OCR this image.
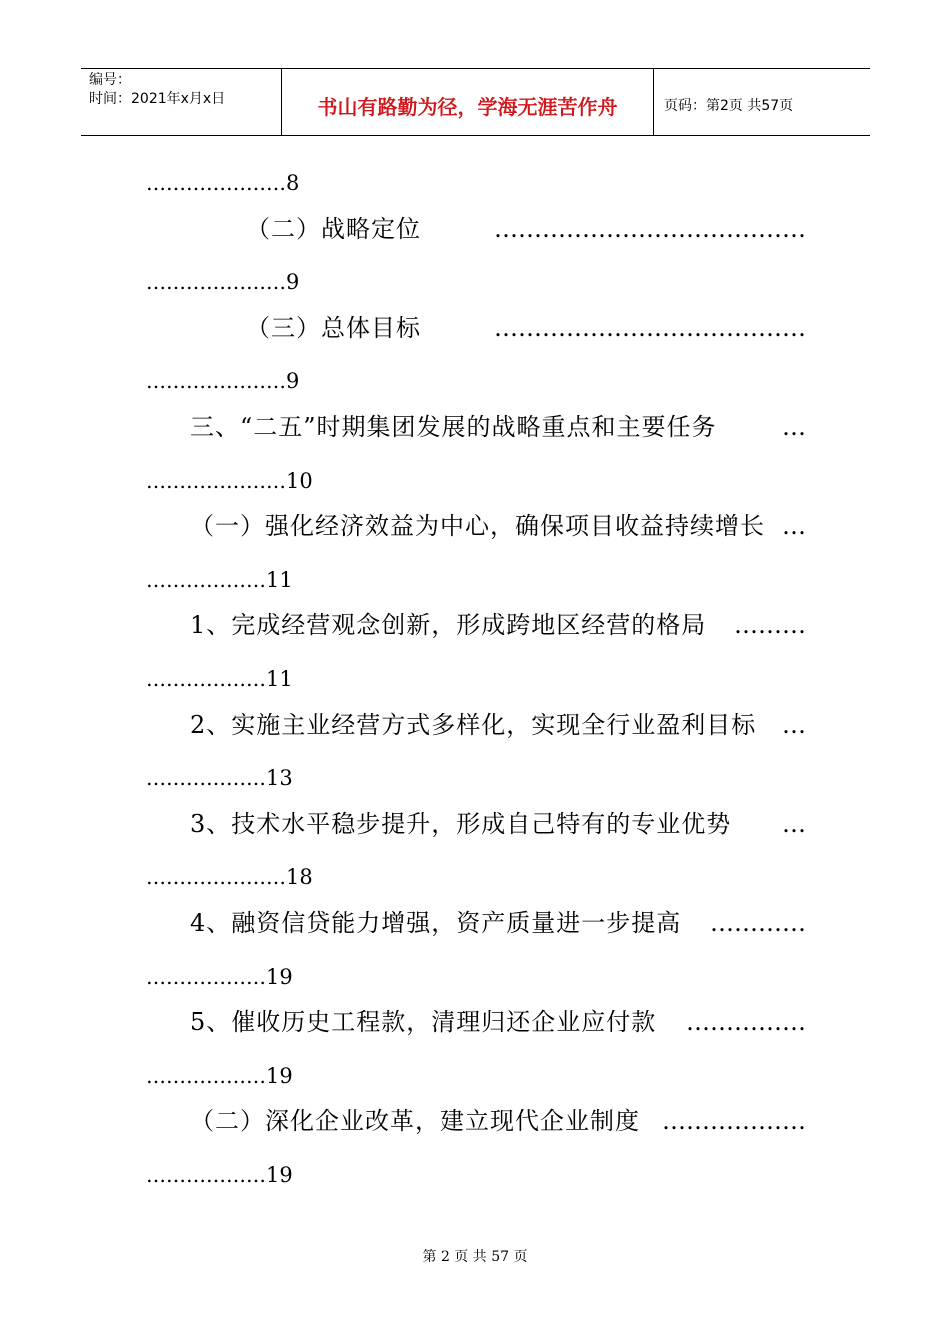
编号：
时间：2021年x月x日	书山有路勤为径，学海无涯苦作舟	页码：第2页 共57页
…………………8
（二）战略定位	…………………………………
…………………9
（三）总体目标	…………………………………
…………………9
三、“二五”时期集团发展的战略重点和主要任务	…
…………………10
（一）强化经济效益为中心，确保项目收益持续增长 …
………………11
1、完成经营观念创新，形成跨地区经营的格局 ………
………………11
2、实施主业经营方式多样化，实现全行业盈利目标 …
………………13
3、技术水平稳步提升，形成自己特有的专业优势 …
…………………18
4、融资信贷能力增强，资产质量进一步提高 …………
………………19
5、催收历史工程款，清理归还企业应付款 ……………
………………19
（二）深化企业改革，建立现代企业制度 ………………
………………19
第 2 页 共 57 页
